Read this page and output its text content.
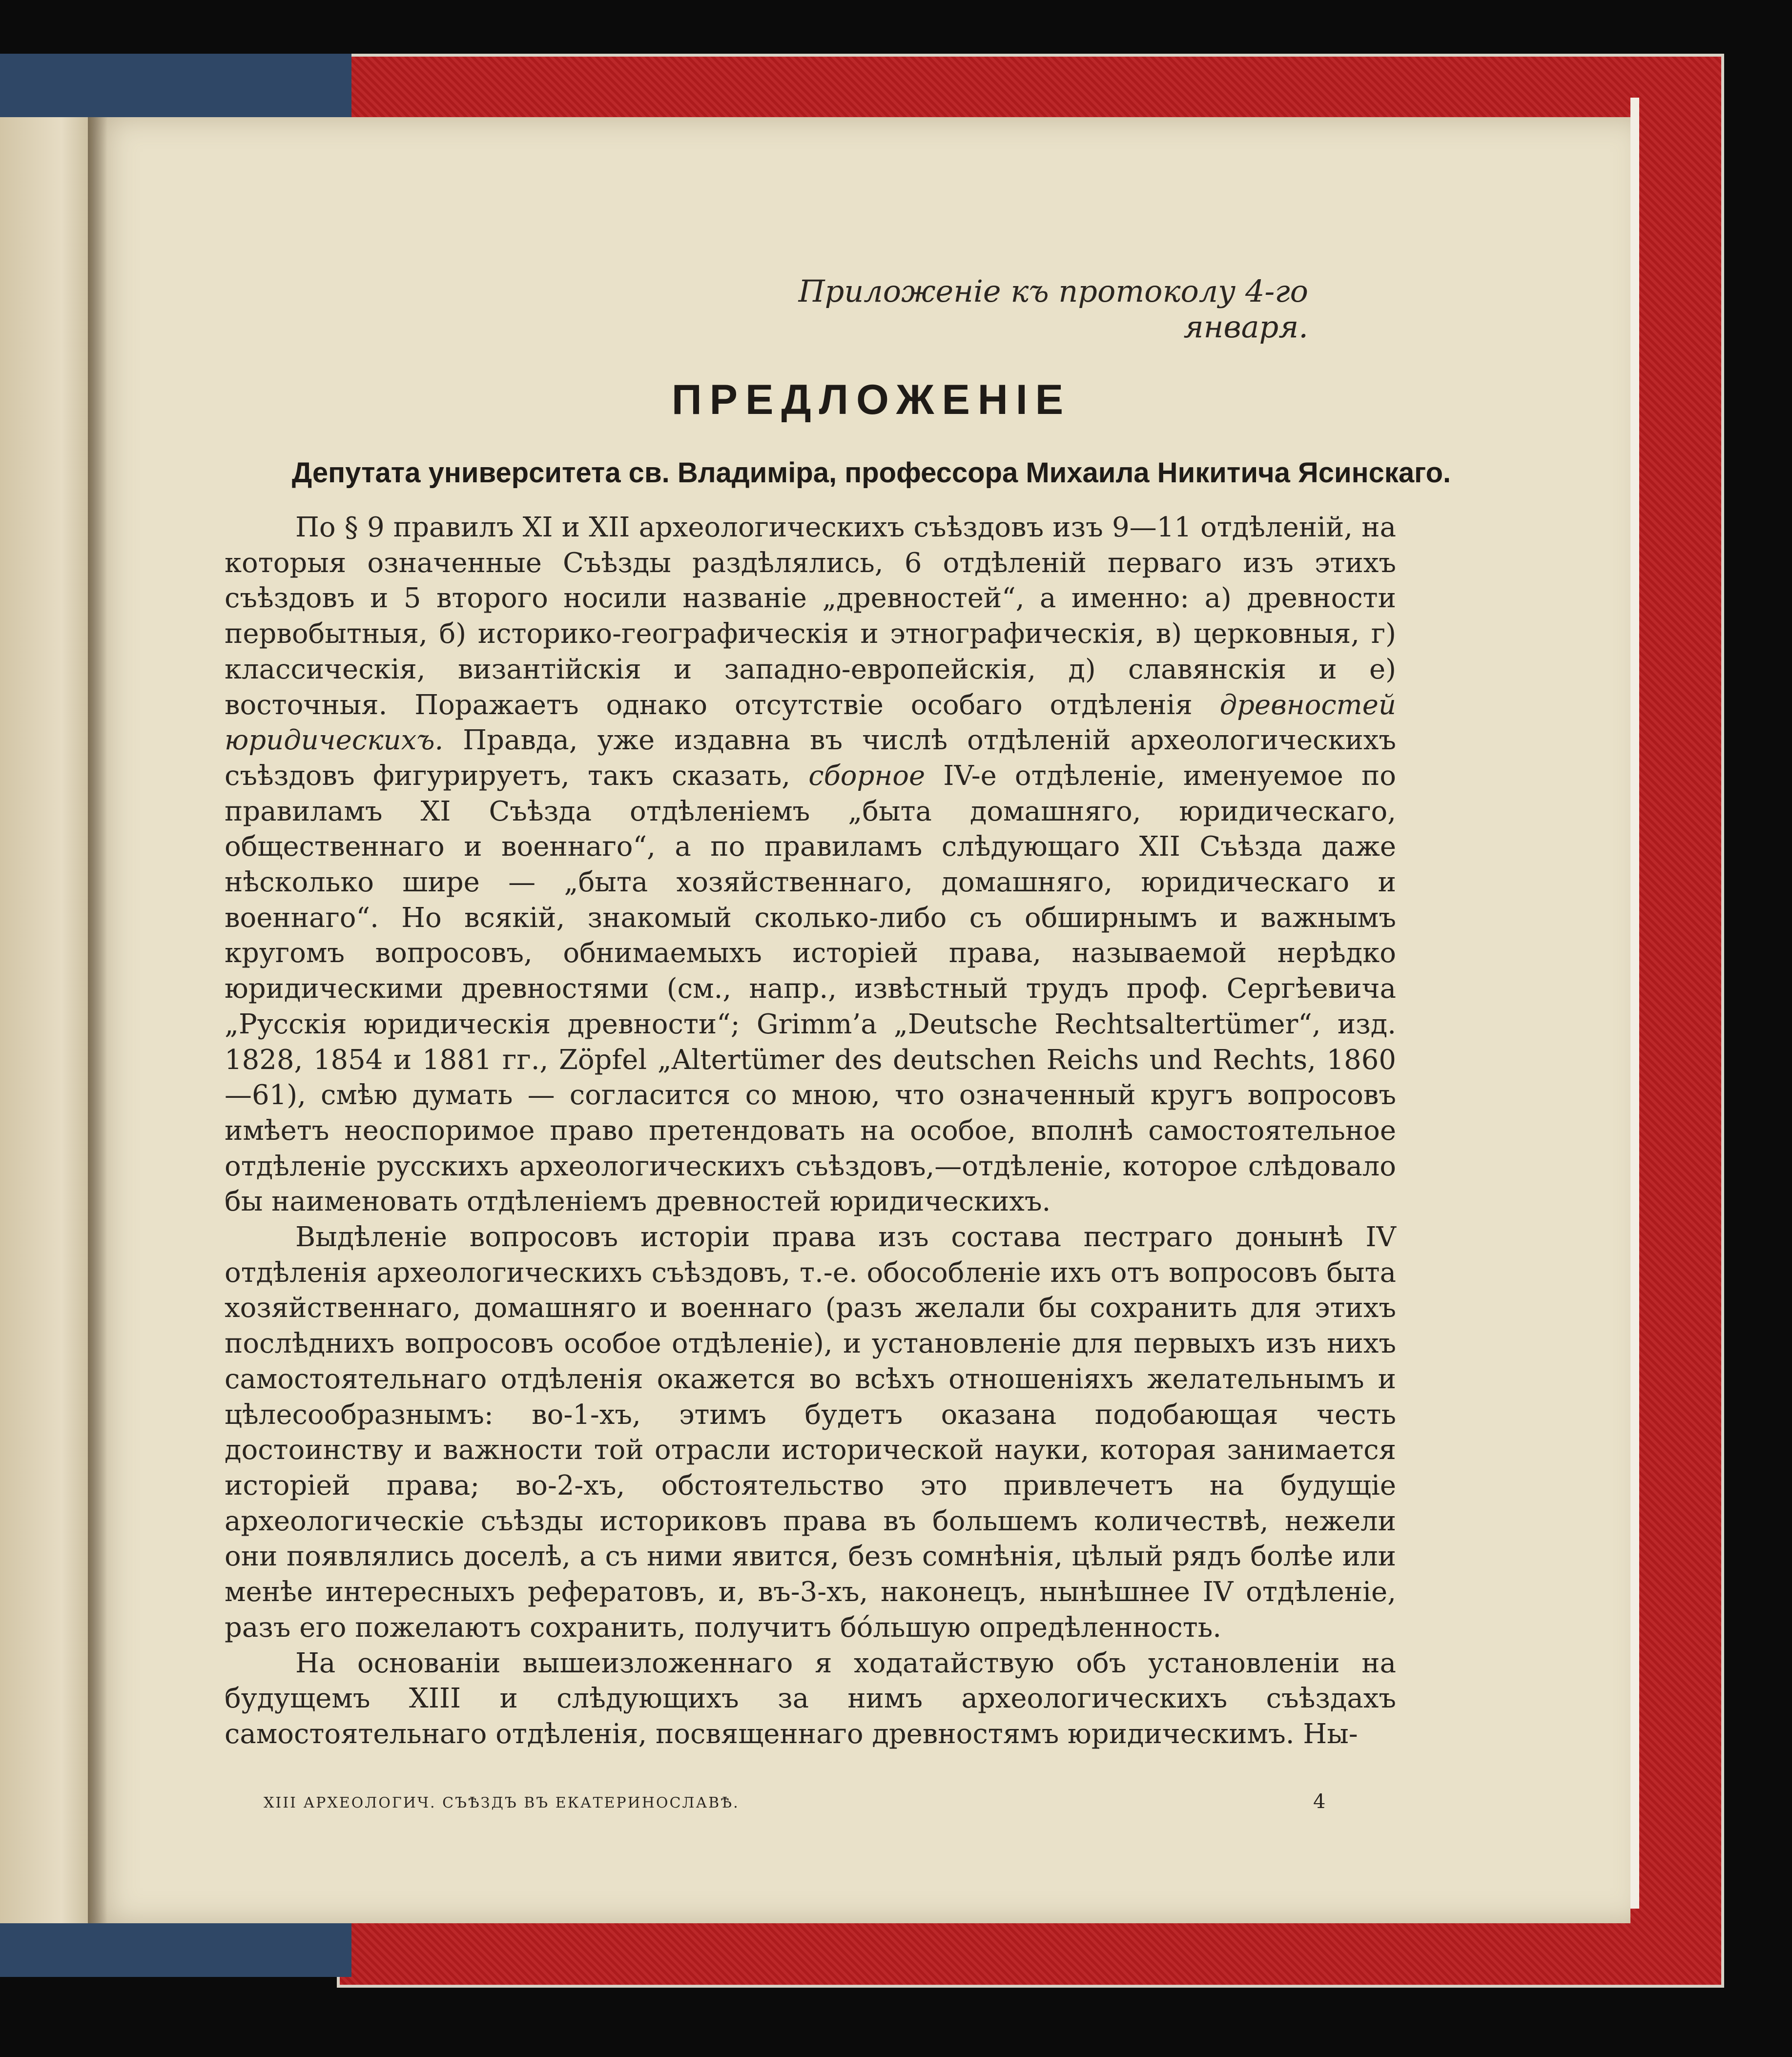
Приложенiе къ протоколу 4-го января.
ПРЕДЛОЖЕНIЕ
Депутата университета св. Владимiра, профессора Михаила Никитича Ясинскаго.

По § 9 правилъ XI и XII археологическихъ съѣздовъ изъ 9—11 отдѣленiй, на которыя означенные Съѣзды раздѣлялись, 6 отдѣленiй перваго изъ этихъ съѣздовъ и 5 второго носили названiе „древностей“, а именно: а) древности первобытныя, б) историко-географическiя и этнографическiя, в) церковныя, г) классическiя, византiйскiя и западно-европейскiя, д) славянскiя и е) восточныя. Поражаетъ однако отсутствiе особаго отдѣленiя древностей юридическихъ. Правда, уже издавна въ числѣ отдѣленiй археологическихъ съѣздовъ фигурируетъ, такъ сказать, сборное IV-е отдѣленiе, именуемое по правиламъ XI Съѣзда отдѣленiемъ „быта домашняго, юридическаго, общественнаго и военнаго“, а по правиламъ слѣдующаго XII Съѣзда даже нѣсколько шире — „быта хозяйственнаго, домашняго, юридическаго и военнаго“. Но всякiй, знакомый сколько-либо съ обширнымъ и важнымъ кругомъ вопросовъ, обнимаемыхъ исторiей права, называемой нерѣдко юридическими древностями (см., напр., извѣстный трудъ проф. Сергѣевича „Русскiя юридическiя древности“; Grimm’a „Deutsche Rechtsaltertümer“, изд. 1828, 1854 и 1881 гг., Zöpfel „Altertümer des deutschen Reichs und Rechts, 1860—61), смѣю думать — согласится со мною, что означенный кругъ вопросовъ имѣетъ неоспоримое право претендовать на особое, вполнѣ самостоятельное отдѣленiе русскихъ археологическихъ съѣздовъ,—отдѣленiе, которое слѣдовало бы наименовать отдѣленiемъ древностей юридическихъ.

Выдѣленiе вопросовъ исторiи права изъ состава пестраго донынѣ IV отдѣленiя археологическихъ съѣздовъ, т.-е. обособленiе ихъ отъ вопросовъ быта хозяйственнаго, домашняго и военнаго (разъ желали бы сохранить для этихъ послѣднихъ вопросовъ особое отдѣленiе), и установленiе для первыхъ изъ нихъ самостоятельнаго отдѣленiя окажется во всѣхъ отношенiяхъ желательнымъ и цѣлесообразнымъ: во-1-хъ, этимъ будетъ оказана подобающая честь достоинству и важности той отрасли исторической науки, которая занимается исторiей права; во-2-хъ, обстоятельство это привлечетъ на будущiе археологическiе съѣзды историковъ права въ большемъ количествѣ, нежели они появлялись доселѣ, а съ ними явится, безъ сомнѣнiя, цѣлый рядъ болѣе или менѣе интересныхъ рефератовъ, и, въ-3-хъ, наконецъ, нынѣшнее IV отдѣленiе, разъ его пожелаютъ сохранить, получитъ бóльшую опредѣленность.

На основанiи вышеизложеннаго я ходатайствую объ установленiи на будущемъ XIII и слѣдующихъ за нимъ археологическихъ съѣздахъ самостоятельнаго отдѣленiя, посвященнаго древностямъ юридическимъ. Ны-

XIII АРХЕОЛОГИЧ. СЪѢЗДЪ ВЪ ЕКАТЕРИНОСЛАВѢ.	4
